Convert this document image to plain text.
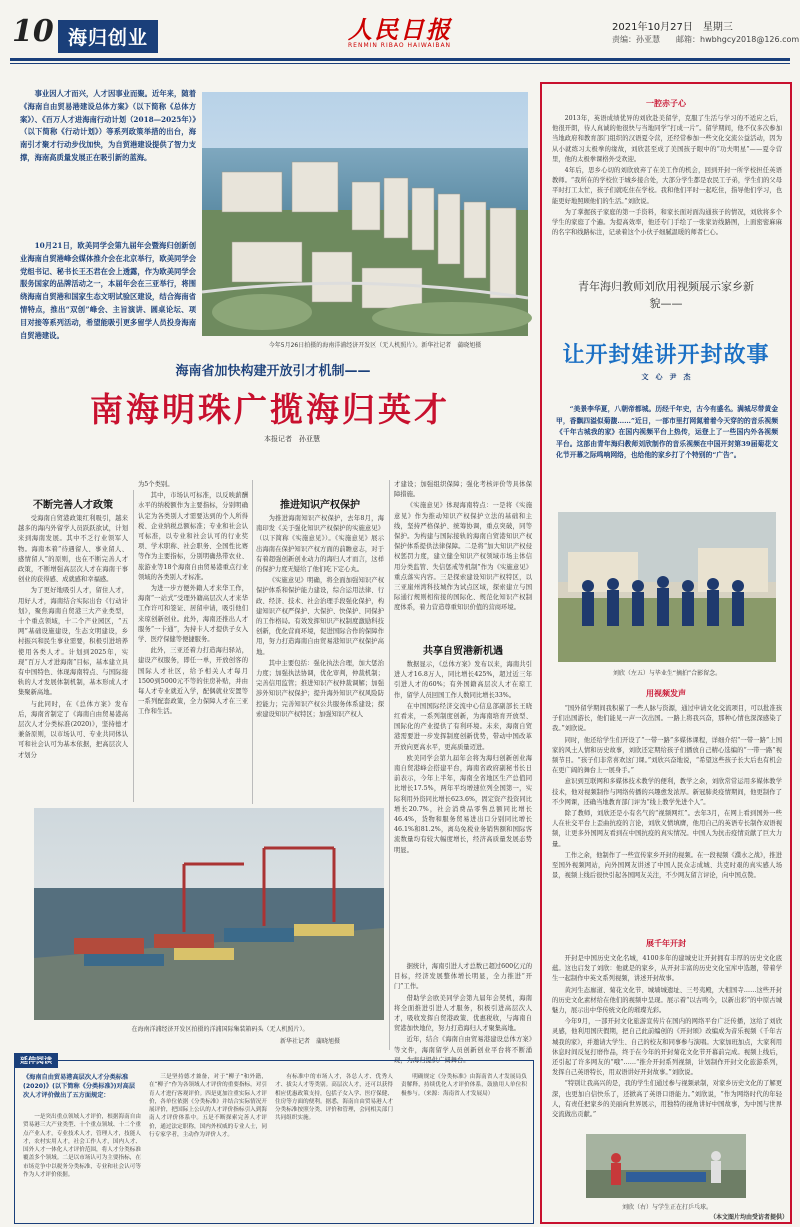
10 海归创业	人民日报
RENMIN RIBAO HAIWAIBAN
2021年10月27日　星期三
责编：孙亚慧　　邮箱：hwbhgcy2018@126.com
事业因人才而兴，人才因事业而聚。近年来，随着《海南自由贸易港建设总体方案》（以下简称《总体方案》）、《百万人才进海南行动计划（2018—2025年）》（以下简称《行动计划》）等系列政策举措的出台，海南引才聚才行动步伐加快，为自贸港建设提供了智力支撑，海南高质量发展正在吸引新的蓝海。
10月21日，欧美同学会第九届年会暨海归创新创业海南自贸港峰会媒体推介会在北京举行，欧美同学会党组书记、秘书长王丕君在会上透露，作为欧美同学会服务国家的品牌活动之一，本届年会在三亚举行，将围绕海南自贸港和国家生态文明试验区建设，结合海南省情特点，推出“双创”峰会、主旨演讲、圆桌论坛、项目对接等系列活动，希望能吸引更多留学人员投身海南自贸港建设。
今年5月26日拍摄的海南洋浦经济开发区（无人机照片）。新华社记者　蒲晓旭摄
海南省加快构建开放引才机制——
南海明珠广揽海归英才
本报记者　孙亚慧
不断完善人才政策

受海南自贸港政策红利吸引，越来越多的海内外留学人员跃跃欲试，计划来到海南发展。其中不乏行业领军人物。海南本着“待遇留人、事业留人、感情留人”的原则，也在不断完善人才政策，不断增强高层次人才在海南干事创业的获得感、成就感和幸福感。

为了更好地吸引人才，留住人才，用好人才，海南结合实际出台《行动计划》，聚焦海南自贸港三大产业类型，十个重点领域，十二个产业园区，“五网”基础设施建设，生态文明建设，乡村振兴和民生事业需要，积极引进培养使用各类人才。计划到2025年，实现“百万人才进海南”目标，基本建立具有中国特色、体现海南特点、与国际接轨的人才发展体制机制，基本形成人才集聚新高地。

与此同时，在《总体方案》发布后，海南省制定了《海南自由贸易港高层次人才分类标准(2020)》，坚持德才兼备原则，以市场认可、专业共同体认可和社会认可为基本依据，把高层次人才划分

为5个类别。

其中，市场认可标准，以反映薪酬水平的纳税额作为主要指标，分别明确认定为各类别人才需要达到的个人所得税、企业纳税总额标准；专业和社会认可标准，以专业和社会认可的行业奖项、学术职称、社会职务、全国性比赛等作为主要指标，分别明确热带农业、旅游业等18个海南自由贸易港重点行业领域的各类别人才标准。

为进一步方便外籍人才来华工作，海南“一站式”受理外籍高层次人才来华工作许可和签证、居留申请，吸引他们来琼创新创业。此外，海南还推出人才服务“一卡通”，为持卡人才提供子女入学、医疗保健等便捷服务。

此外，三亚还着力打造海归驿站，建设产权服务，即任一单，开放创客的国际人才社区，给予相关人才每月1500到5000元不等的住房补贴，并由每人才专业就近入学，配偶就业安置等一系列配套政策，全力保障人才在三亚工作和生活。

推进知识产权保护

为推进海南知识产权保护，去年8月，海南印发《关于强化知识产权保护的实施意见》（以下简称《实施意见》）。《实施意见》展示出海南在保护知识产权方面的前瞻意志，对于有着超强创新创业动力的海归人才而言，这样的保护力度无疑给了他们吃下定心丸。

《实施意见》明确，将全面加强知识产权保护体系和保护能力建设，综合运用法律、行政、经济、技术、社会治理手段强化保护，构建知识产权严保护、大保护、快保护、同保护的工作格局。有效发挥知识产权制度激励科技创新，优化营商环境，促进国际合作的保障作用，努力打造海南自由贸易港知识产权保护高地。

其中主要包括：强化执法合理，加大惩治力度；加强执法协调，优化审判，仲裁机制；完善信用监管；推进知识产权仲裁调解；加强涉外知识产权保护；提升海外知识产权风险防控能力；完善知识产权公共服务体系建设；探索建设知识产权特区；加强知识产权人

才建设；加强组织保障；强化考核评价等具体保障措施。

《实施意见》体现海南特点：一是将《实施意见》作为推动知识产权保护立法的基础和主线，坚持严格保护、统筹协调，重点突破，同等保护。为构建与国际接轨的海南自贸港知识产权保护体系提供法律保障。二是将“加大知识产权侵权惩罚力度，建立健全知识产权领域市场主体信用分类监管、失信惩戒等机制”作为《实施意见》重点落实内容。三是探索建设知识产权特区，以三亚崖州湾科技城作为试点区域，探索建立与国际通行规则相衔接的国际化、规范化知识产权制度体系，着力营造尊重知识价值的营商环境。

共享自贸港新机遇

数据显示，《总体方案》发布以来，海南共引进人才16.8万人，同比增长425%，超过近三年引进人才的60%；有外国籍高层次人才在琼工作，留学人员回国工作人数同比增长33%。

在中国国际经济交流中心信息部副部长王晓红看来，一系列制度创新，为海南培育开放型、国际化的产业提供了有利环境。未来，海南自贸港需要进一步发挥制度创新优势，带动中国改革开放向更高水平，更高质量迈进。

欧美同学会第九届年会将为海归创新创业海南自贸港峰会搭建平台，海南省政府副秘书长日前表示，今年上半年，海南全省地区生产总值同比增长17.5%，两年平均增速位列全国第一，实际利用外资同比增长623.6%，固定资产投资同比增长20.7%，社会消费品零售总额同比增长46.4%，货物和服务贸易进出口分别同比增长46.1%和81.2%，离岛免税业务销售额和国际客流数量均有较大幅度增长，经济高质量发展态势明显。

据统计，海南引进人才总数已超过600亿元的目标，经济发展整体增长明显，全力推进“开门”工作。

借助学会欧美同学会第九届年会契机，海南将全面推进引进人才服务，积极引进高层次人才，吸收发挥自贸港政策、优惠税收，与海南自贸港加快地位，努力打造海归人才聚集高地。

近年，结合《海南自由贸易港建设总体方案》等文件，海南留学人员创新创业平台将不断涌现，为海归提供广阔舞台。

在海南洋浦经济开发区拍摄的洋浦国际集装箱码头（无人机照片）。
新华社记者　蒲晓旭摄
延伸阅读
《海南自由贸易港高层次人才分类标准(2020)》(以下简称《分类标准》)对高层次人才评价做出了五方面规定：

一是突出重点领域人才评价，根据海南自由贸易港三大产业类型、十个重点领域、十二个重点产业人才，专业技术人才，管理人才，技能人才，农村实用人才，社会工作人才，国内人才、国外人才一体化人才评价范围，将人才分类标准覆盖多个领域。二是以市场认可为主要指标，在市场竞争中以税务分类标准，专业和社会认可等作为人才评价依据。

三是坚持德才兼备，对于“柳子”和外籍，在“柳子”作为各领域人才评价的重要指标，对引育人才进行客观评价。四是更加注重实际人才评价，各单位依据《分类标准》并结合实际情况开展评价，把国际上公认的人才评价指标引入到海南人才评价体系中。五是不断探索完善人才评价，通过法定职称，国内外权威的专业人士，同行专家学者，主动作为评价人才。

有标准中的市场人才，各总人才、优秀人才、拔尖人才等类别。高层次人才，还可以获得相应优惠政策支持，包括子女入学、医疗保健、住房等方面的便利。据悉，海南自由贸易港人才分类标准按照分类、评价和管理，会同相关部门共同组织实施。

明确规定《分类标准》由海南省人才发展局负责解释，持续优化人才评价体系，鼓励用人单位积极参与。（来源：海南省人才发展局）

一腔赤子心

2013年，英语成绩优异的刘欣赴美留学，克服了生活与学习的不适应之后，他很开朗，待人真诚的他很快与当地同学“打成一片”。留学期间，他不仅多次参加当地政府和教育部门组织的汉语夏令营，还经常参加一些文化交流公益活动，因为从小就练习太极拳的缘故，刘欣甚至成了美国孩子眼中的“功夫明星”——夏令营里，他的太极拳课格外受欢迎。

4年后，思乡心切的刘欣放弃了在美工作的机会，回到开封一所学校担任英语教师。“我所在的学校位于城乡接合处，大部分学生都是农民工子弟，学生们的父母平时打工太忙，孩子们就吃住在学校。我和他们平时一起吃住，指导他们学习，也能更好地照顾他们的生活。”刘欣说。

为了掌握孩子家庭的第一手资料，和家长面对面沟通孩子的情况，刘欣将多个学生的家庭了个遍。为提高效率，他还专门手绘了一张家访线路图，上面密密麻麻的名字和线路标注，记录着这个小伙子细腻温暖的师者仁心。

青年海归教师刘欣用视频展示家乡新貌——
让开封娃讲开封故事
文　心　尹　杰
“美景李华夏，八朝帝都城。历经千年史，古今有盛名。满城尽带黄金甲，香飘四溢似菊馥……”近日，一部市里打网氮着着今天穿的的音乐视频《千年古城我的家》在国内视频平台上热传，运登上了一些国内外各视频平台。这部由青年海归教师刘欣制作的音乐视频在中国开封第39届菊花文化节开幕之际鸣响网络，也给他的家乡打了个特别的“广告”。
刘欣（左五）与毕业生“摘拍”合影留念。
用视频发声

“国外留学期间我积累了一些人脉与资源，通过申请文化交流项目，可以批准孩子们出国游长，他们能见一声一次出国。一路上将我兴奋，那种心情也深深感染了我。”刘欣说。

同时，他还给学生们开设了“一带一路”多媒体课程，详细介绍“一带一路”上国家的风土人情和历史故事，刘欣还定期给孩子们播放自己精心选编的“一带一路”视频节目。“孩子们非常喜欢这门课。”刘欣兴奋地说，“希望这些孩子长大后也有机会在更广阔的舞台上一展身手。”

意识到互联网和多媒体技术教学的便利，教学之余，刘欣常常运用多媒体教学技术，他对视频制作与网络传播的兴趣愈发浓厚。新冠肺炎疫情期间，他更制作了不少网课，还确当地教育部门评为“线上教学先进个人”。

除了教师，刘欣还是小有名气的“视频网红”。去年3月，在网上看到国外一些人在社交平台上歪曲抗疫的言论，刘欣义愤填膺，他用自己的英语专长制作双语视频，让更多外国网友看到在中国抗疫的真实情况。中国人为抗击疫情贡献了巨大力量。

工作之余，他制作了一些宣传家乡开封的视频。在一段视频《濮水之战》，推进至国外视频网站，向外国网友讲述了中国人民众志成城、共克时艰的真实感人场景，视频上线后很快引起各国网友关注，不少网友留言评论，向中国点赞。

展千年开封

开封是中国历史文化名城，4100多年的建城史让开封拥有丰厚的历史文化底蕴。这也启发了刘欣：他就是的家乡，从开封丰富的历史文化宝库中选题，带着学生一起制作中英文系列视频，讲述开封故事。

黄河生态廊道、菊花文化节、城墙城遗址、三号夷殿，大相国寺……这些开封的历史文化素材给在他们的视频中呈现。展示着“以古鸣今，以新出彩”的中原古城魅力，展示出中华传统文化的璀璨光彩。

今年9月，一部开封文化旅游宣传片在国内的网络平台广泛传播，这给了刘欣灵感，他利用国庆假期，把自己此前编创的《开封颂》改编成为音乐视频《千年古城我的家》，并邀请大学生、自己的校友和同事参与演唱。大家加班加点，大家利用休息时间反复打磨作品，终于在今年的开封菊花文化节开幕前完成。视频上线后，还引起了许多网友的“哦”……“推介开封系列视频，计划制作开封文化旅游系列，发挥自己英语特长，用双语讲好开封故事。”刘欣说。

“特别让我高兴的是，我的学生们通过参与视频录制，对家乡历史文化的了解更深，也更加自信快乐了，还掀高了英语口语能力。”刘欣说，“作为网络时代的年轻人，有责任把家乡的美丽向世界展示，用独特的视角讲好中国故事，为中国与世界交流做出贡献。”

刘欣（右）与学生正在打乒乓球。
（本文图片均由受访者提供）
